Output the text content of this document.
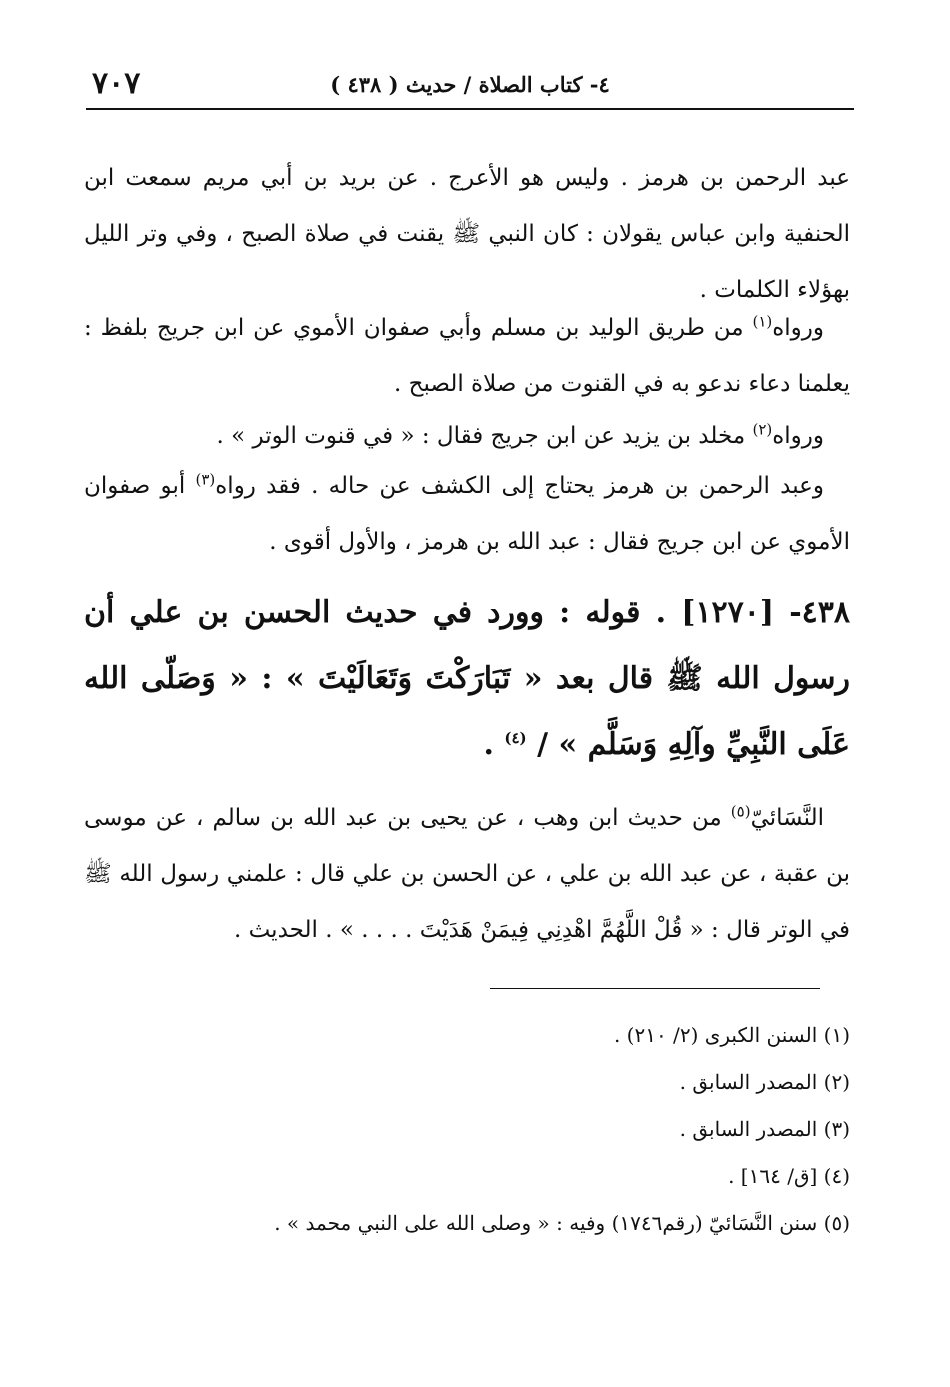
٧٠٧	٤- كتاب الصلاة / حديث ( ٤٣٨ )

عبد الرحمن بن هرمز . وليس هو الأعرج . عن بريد بن أبي مريم سمعت ابن الحنفية وابن عباس يقولان : كان النبي ﷺ يقنت في صلاة الصبح ، وفي وتر الليل بهؤلاء الكلمات .

ورواه$^{(١)}$ من طريق الوليد بن مسلم وأبي صفوان الأموي عن ابن جريج بلفظ : يعلمنا دعاء ندعو به في القنوت من صلاة الصبح .

ورواه$^{(٢)}$ مخلد بن يزيد عن ابن جريج فقال : « في قنوت الوتر » .

وعبد الرحمن بن هرمز يحتاج إلى الكشف عن حاله . فقد رواه$^{(٣)}$ أبو صفوان الأموي عن ابن جريج فقال : عبد الله بن هرمز ، والأول أقوى .

٤٣٨- [١٢٧٠] . قوله : وورد في حديث الحسن بن علي أن رسول الله ﷺ قال بعد « تَبَارَكْتَ وَتَعَالَيْتَ » : « وَصَلّى الله عَلَى النَّبِيِّ وآلِهِ وَسَلَّم » / $^{(٤)}$ .

النَّسَائيّ$^{(٥)}$ من حديث ابن وهب ، عن يحيى بن عبد الله بن سالم ، عن موسى بن عقبة ، عن عبد الله بن علي ، عن الحسن بن علي قال : علمني رسول الله ﷺ في الوتر قال : « قُلْ اللَّهُمَّ اهْدِنِي فِيمَنْ هَدَيْتَ . . . . » . الحديث .

(١) السنن الكبرى (٢/ ٢١٠) .
(٢) المصدر السابق .
(٣) المصدر السابق .
(٤) [ق/ ١٦٤] .
(٥) سنن النَّسَائيّ (رقم١٧٤٦) وفيه : « وصلى الله على النبي محمد » .
